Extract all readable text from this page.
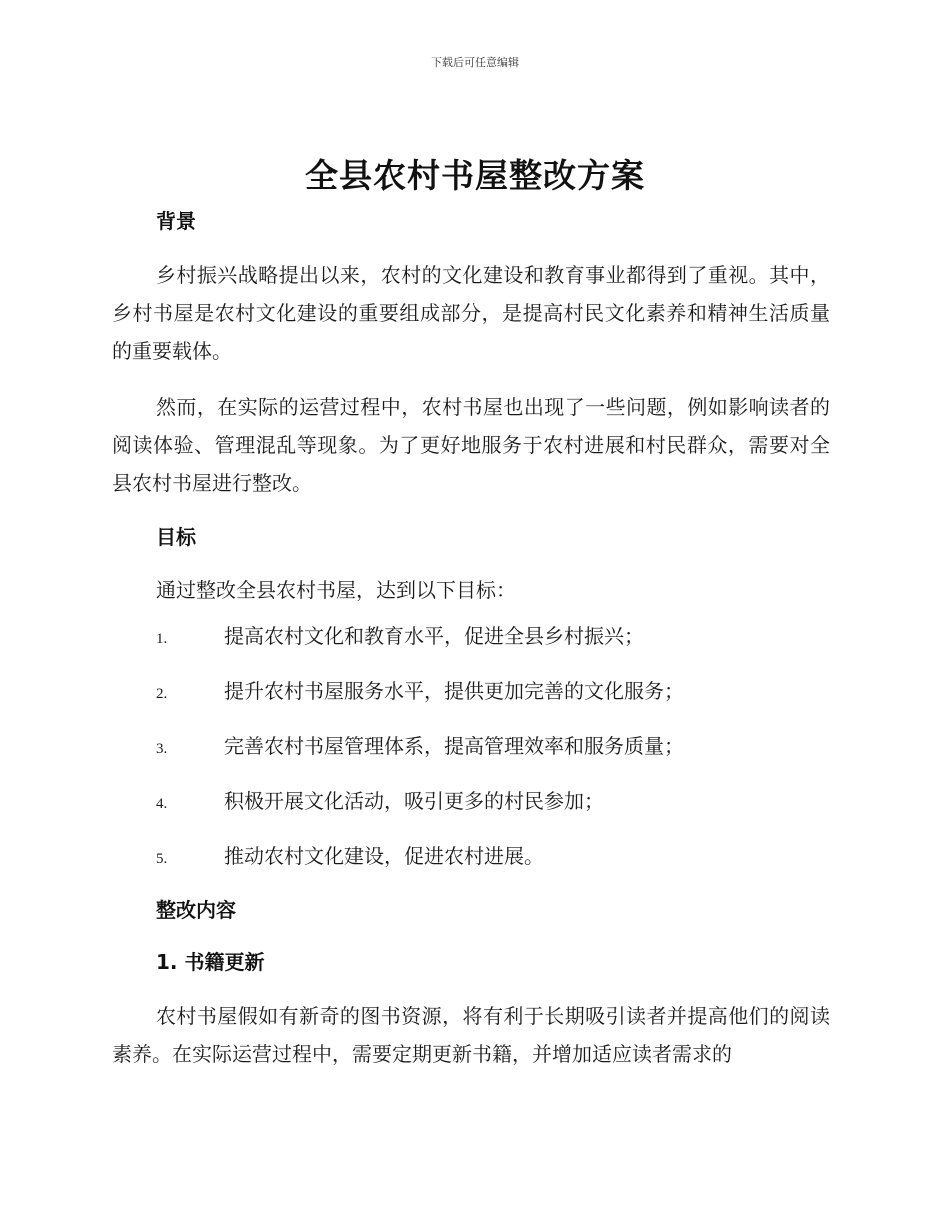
下载后可任意编辑
全县农村书屋整改方案
背景

乡村振兴战略提出以来，农村的文化建设和教育事业都得到了重视。其中，乡村书屋是农村文化建设的重要组成部分，是提高村民文化素养和精神生活质量的重要载体。

然而，在实际的运营过程中，农村书屋也出现了一些问题，例如影响读者的阅读体验、管理混乱等现象。为了更好地服务于农村进展和村民群众，需要对全县农村书屋进行整改。

目标

通过整改全县农村书屋，达到以下目标：

1.	提高农村文化和教育水平，促进全县乡村振兴；
2.	提升农村书屋服务水平，提供更加完善的文化服务；
3.	完善农村书屋管理体系，提高管理效率和服务质量；
4.	积极开展文化活动，吸引更多的村民参加；
5.	推动农村文化建设，促进农村进展。
整改内容
1. 书籍更新

农村书屋假如有新奇的图书资源，将有利于长期吸引读者并提高他们的阅读素养。在实际运营过程中，需要定期更新书籍，并增加适应读者需求的
